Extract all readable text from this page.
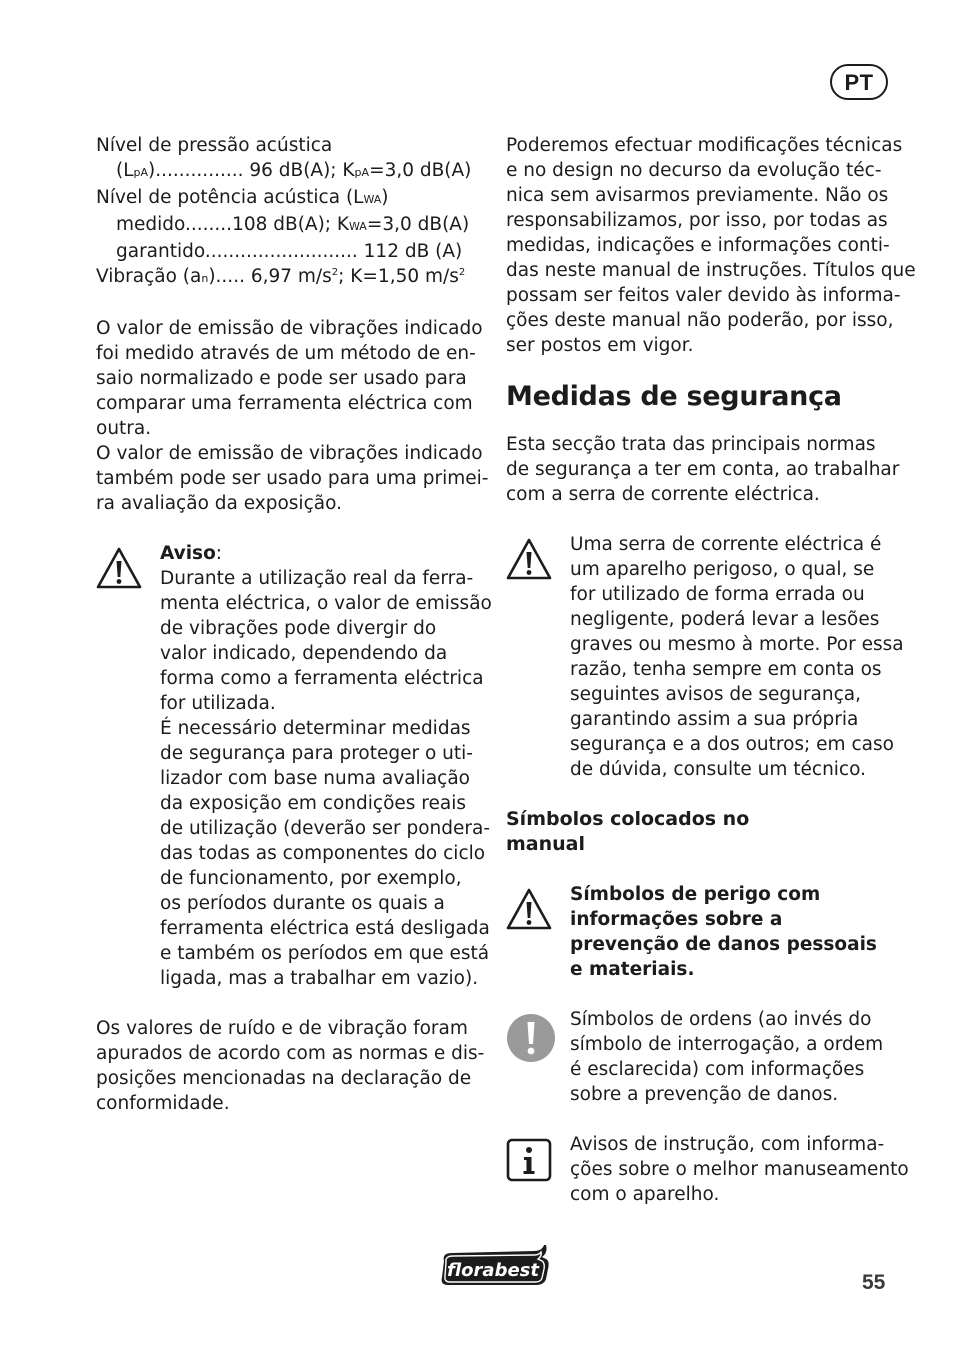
PT
Nível de pressão acústica
(LpA)............... 96 dB(A); KpA=3,0 dB(A)
Nível de potência acústica (LWA)
medido........108 dB(A); KWA=3,0 dB(A)
garantido.......................... 112 dB (A)
Vibração (an)..... 6,97 $m/s^2$; K=1,50 $m/s^2$

O valor de emissão de vibrações indicado

foi medido através de um método de en-

saio normalizado e pode ser usado para

comparar uma ferramenta eléctrica com

outra.

O valor de emissão de vibrações indicado

também pode ser usado para uma primei-

ra avaliação da exposição.

Aviso:

Durante a utilização real da ferra-

menta eléctrica, o valor de emissão

de vibrações pode divergir do

valor indicado, dependendo da

forma como a ferramenta eléctrica

for utilizada.

É necessário determinar medidas

de segurança para proteger o uti-

lizador com base numa avaliação

da exposição em condições reais

de utilização (deverão ser pondera-

das todas as componentes do ciclo

de funcionamento, por exemplo,

os períodos durante os quais a

ferramenta eléctrica está desligada

e também os períodos em que está

ligada, mas a trabalhar em vazio).

Os valores de ruído e de vibração foram

apurados de acordo com as normas e dis-

posições mencionadas na declaração de

conformidade.

Poderemos efectuar modificações técnicas

e no design no decurso da evolução téc-

nica sem avisarmos previamente. Não os

responsabilizamos, por isso, por todas as

medidas, indicações e informações conti-

das neste manual de instruções. Títulos que

possam ser feitos valer devido às informa-

ções deste manual não poderão, por isso,

ser postos em vigor.

Medidas de segurança

Esta secção trata das principais normas

de segurança a ter em conta, ao trabalhar

com a serra de corrente eléctrica.

Uma serra de corrente eléctrica é

um aparelho perigoso, o qual, se

for utilizado de forma errada ou

negligente, poderá levar a lesões

graves ou mesmo à morte. Por essa

razão, tenha sempre em conta os

seguintes avisos de segurança,

garantindo assim a sua própria

segurança e a dos outros; em caso

de dúvida, consulte um técnico.

Símbolos colocados no

manual

Símbolos de perigo com

informações sobre a

prevenção de danos pessoais

e materiais.

Símbolos de ordens (ao invés do

símbolo de interrogação, a ordem

é esclarecida) com informações

sobre a prevenção de danos.

Avisos de instrução, com informa-

ções sobre o melhor manuseamento

com o aparelho.

florabest
55
